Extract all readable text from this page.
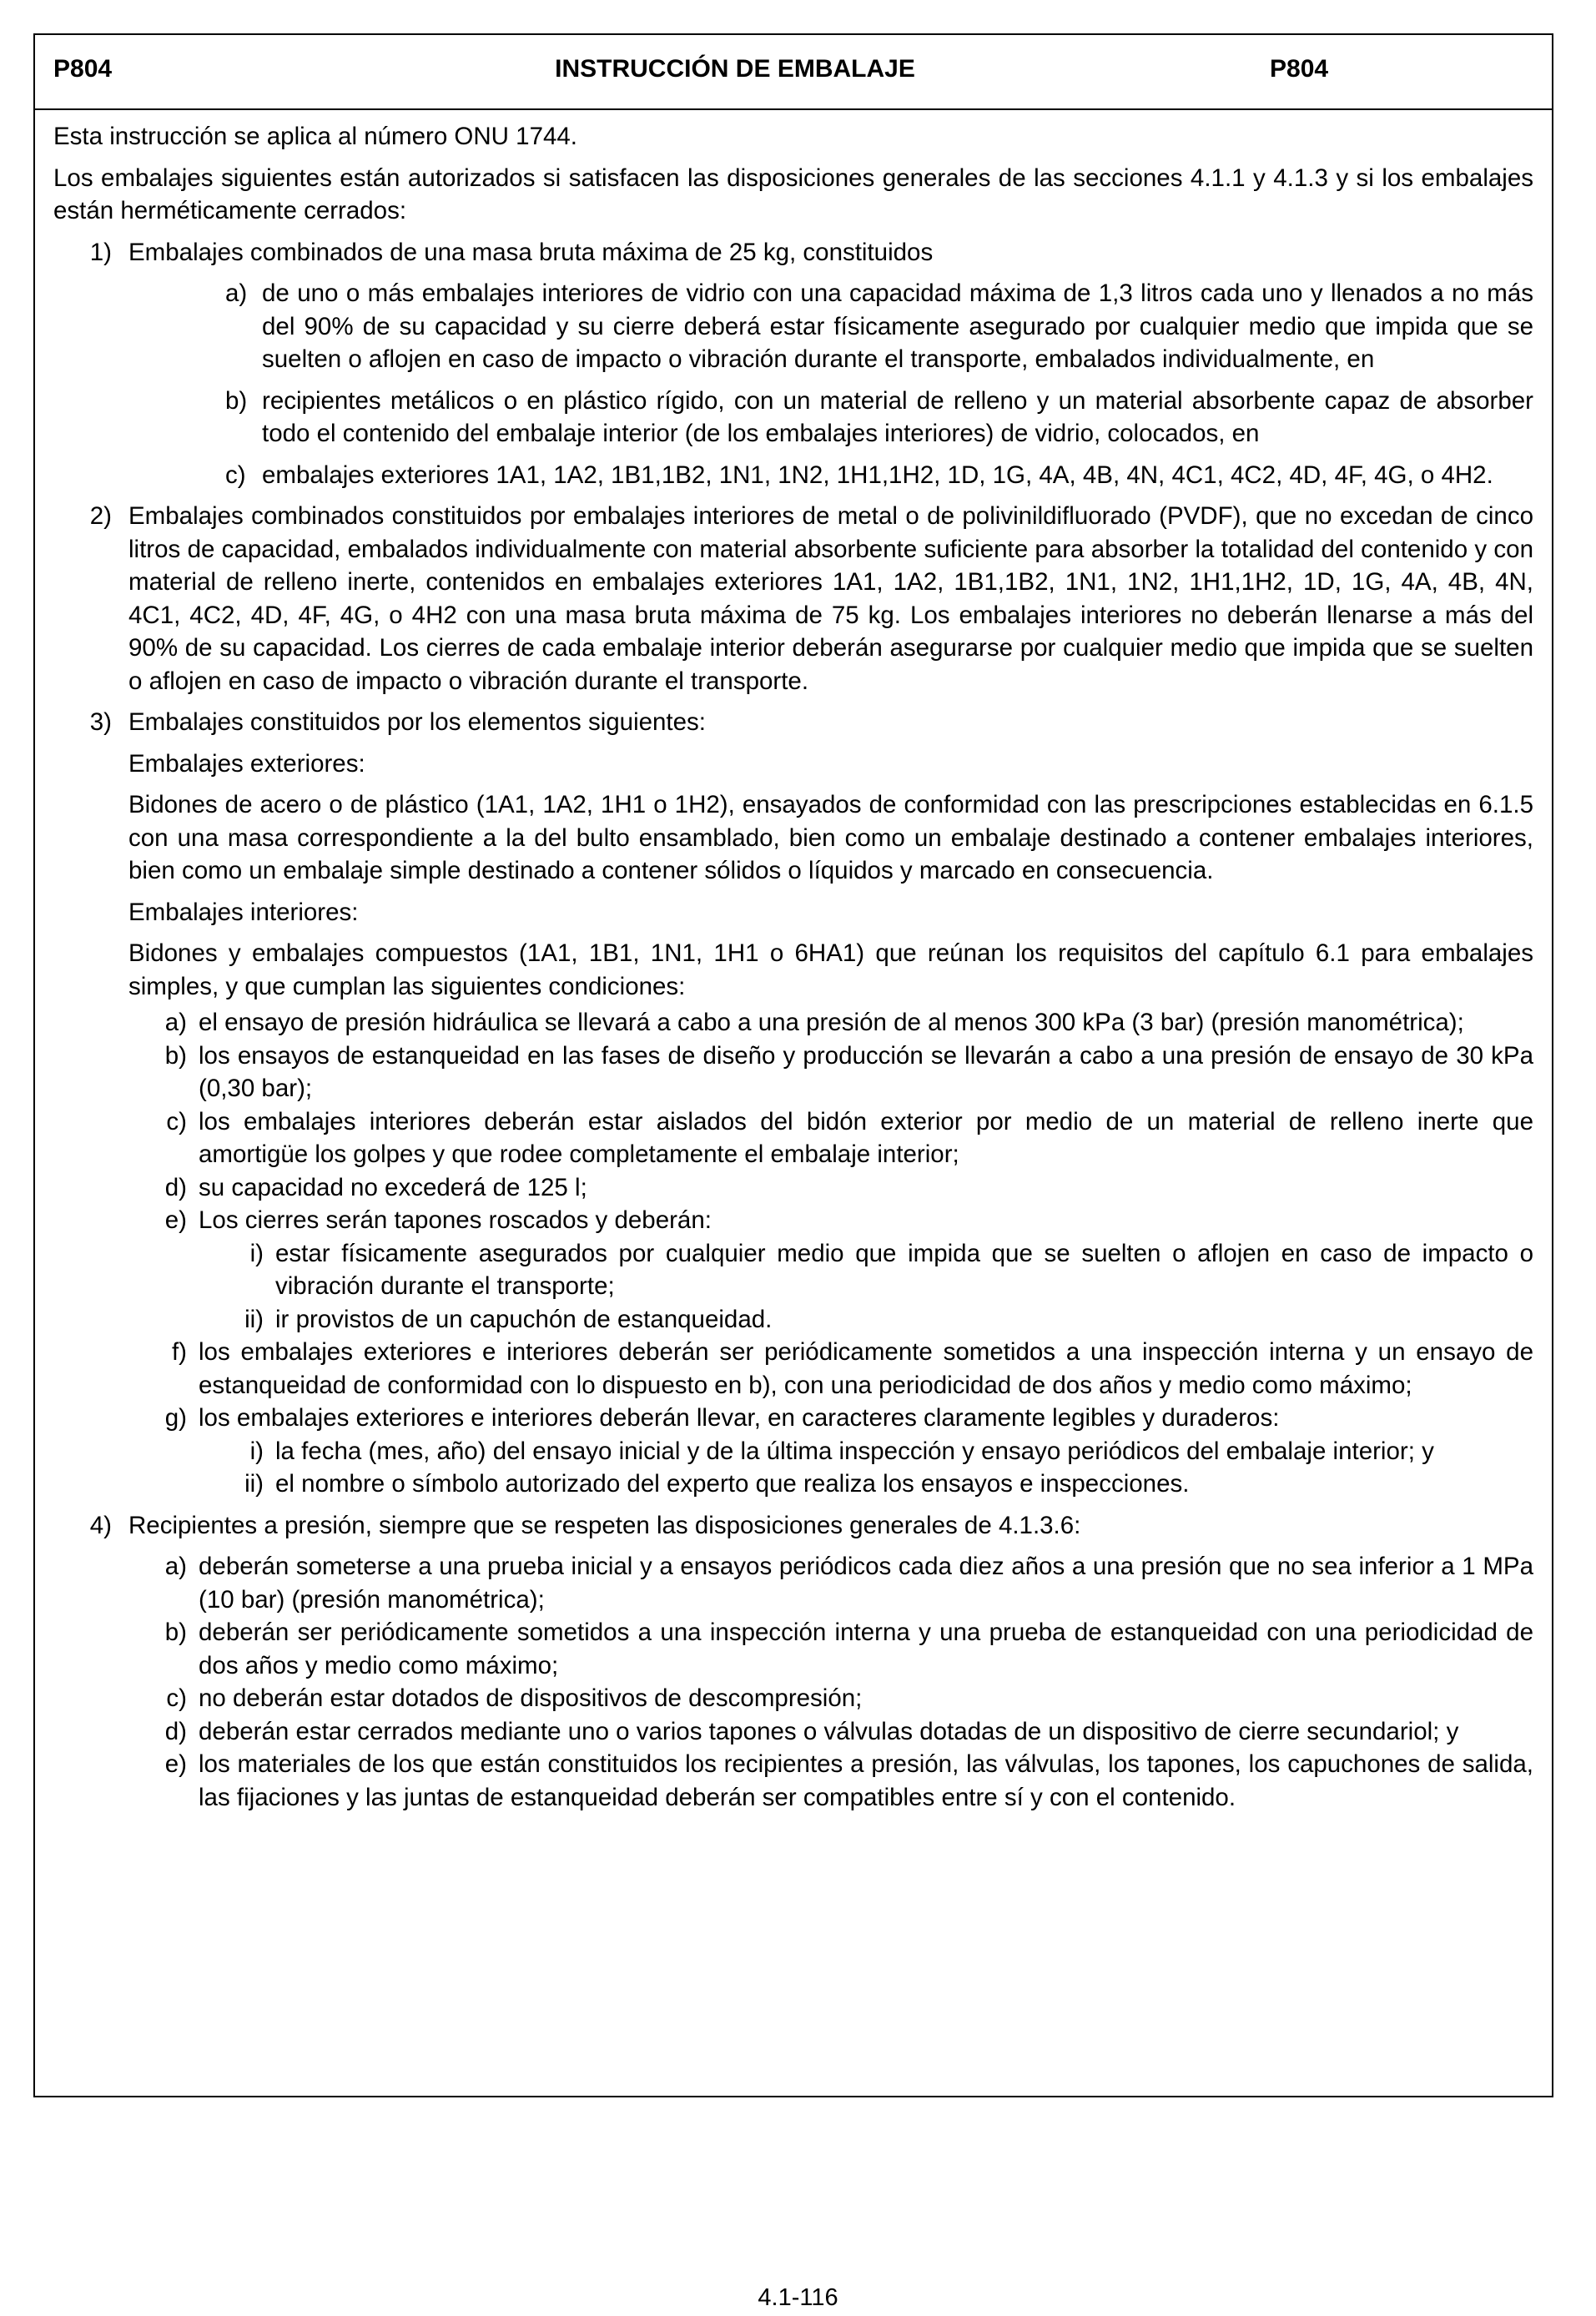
P804	INSTRUCCIÓN DE EMBALAJE	P804

Esta instrucción se aplica al número ONU 1744.

Los embalajes siguientes están autorizados si satisfacen las disposiciones generales de las secciones 4.1.1 y 4.1.3 y si los embalajes están herméticamente cerrados:

1) Embalajes combinados de una masa bruta máxima de 25 kg, constituidos
a) de uno o más embalajes interiores de vidrio con una capacidad máxima de 1,3 litros cada uno y llenados a no más del 90% de su capacidad y su cierre deberá estar físicamente asegurado por cualquier medio que impida que se suelten o aflojen en caso de impacto o vibración durante el transporte, embalados individualmente, en
b) recipientes metálicos o en plástico rígido, con un material de relleno y un material absorbente capaz de absorber todo el contenido del embalaje interior (de los embalajes interiores) de vidrio, colocados, en
c) embalajes exteriores 1A1, 1A2, 1B1,1B2, 1N1, 1N2, 1H1,1H2, 1D, 1G, 4A, 4B, 4N, 4C1, 4C2, 4D, 4F, 4G, o 4H2.
2) Embalajes combinados constituidos por embalajes interiores de metal o de polivinildifluorado (PVDF), que no excedan de cinco litros de capacidad, embalados individualmente con material absorbente suficiente para absorber la totalidad del contenido y con material de relleno inerte, contenidos en embalajes exteriores 1A1, 1A2, 1B1,1B2, 1N1, 1N2, 1H1,1H2, 1D, 1G, 4A, 4B, 4N, 4C1, 4C2, 4D, 4F, 4G, o 4H2 con una masa bruta máxima de 75 kg. Los embalajes interiores no deberán llenarse a más del 90% de su capacidad. Los cierres de cada embalaje interior deberán asegurarse por cualquier medio que impida que se suelten o aflojen en caso de impacto o vibración durante el transporte.
3) Embalajes constituidos por los elementos siguientes:

Embalajes exteriores:

Bidones de acero o de plástico (1A1, 1A2, 1H1 o 1H2), ensayados de conformidad con las prescripciones establecidas en 6.1.5 con una masa correspondiente a la del bulto ensamblado, bien como un embalaje destinado a contener embalajes interiores, bien como un embalaje simple destinado a contener sólidos o líquidos y marcado en consecuencia.

Embalajes interiores:

Bidones y embalajes compuestos (1A1, 1B1, 1N1, 1H1 o 6HA1) que reúnan los requisitos del capítulo 6.1 para embalajes simples, y que cumplan las siguientes condiciones:

a) el ensayo de presión hidráulica se llevará a cabo a una presión de al menos 300 kPa (3 bar) (presión manométrica);
b) los ensayos de estanqueidad en las fases de diseño y producción se llevarán a cabo a una presión de ensayo de 30 kPa (0,30 bar);
c) los embalajes interiores deberán estar aislados del bidón exterior por medio de un material de relleno inerte que amortigüe los golpes y que rodee completamente el embalaje interior;
d) su capacidad no excederá de 125 l;
e) Los cierres serán tapones roscados y deberán:
i) estar físicamente asegurados por cualquier medio que impida que se suelten o aflojen en caso de impacto o vibración durante el transporte;
ii) ir provistos de un capuchón de estanqueidad.
f) los embalajes exteriores e interiores deberán ser periódicamente sometidos a una inspección interna y un ensayo de estanqueidad de conformidad con lo dispuesto en b), con una periodicidad de dos años y medio como máximo;
g) los embalajes exteriores e interiores deberán llevar, en caracteres claramente legibles y duraderos:
i) la fecha (mes, año) del ensayo inicial y de la última inspección y ensayo periódicos del embalaje interior; y
ii) el nombre o símbolo autorizado del experto que realiza los ensayos e inspecciones.
4) Recipientes a presión, siempre que se respeten las disposiciones generales de 4.1.3.6:
a) deberán someterse a una prueba inicial y a ensayos periódicos cada diez años a una presión que no sea inferior a 1 MPa (10 bar) (presión manométrica);
b) deberán ser periódicamente sometidos a una inspección interna y una prueba de estanqueidad con una periodicidad de dos años y medio como máximo;
c) no deberán estar dotados de dispositivos de descompresión;
d) deberán estar cerrados mediante uno o varios tapones o válvulas dotadas de un dispositivo de cierre secundariol; y
e) los materiales de los que están constituidos los recipientes a presión, las válvulas, los tapones, los capuchones de salida, las fijaciones y las juntas de estanqueidad deberán ser compatibles entre sí y con el contenido.
4.1-116
